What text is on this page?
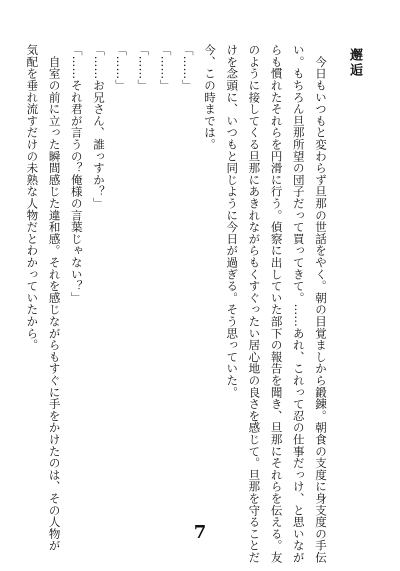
邂逅

　今日もいつもと変わらず旦那の世話をやく。朝の目覚ましから鍛錬。朝食の支度に身支度の手伝

い。もちろん旦那所望の団子だって買ってきて。……あれ、これって忍の仕事だっけ、と思いなが

らも慣れたそれらを円滑に行う。偵察に出していた部下の報告を聞き、旦那にそれらを伝える。友

のように接してくる旦那にあきれながらもくすぐったい居心地の良さを感じて。旦那を守ることだ

けを念頭に、いつもと同じように今日が過ぎる。そう思っていた。

今、この時までは。

「……」

「……」

「……」

「……」

「……お兄さん、誰っすか？」

「……それ君が言うの？俺様の言葉じゃない？」

　自室の前に立った瞬間感じた違和感。それを感じながらもすぐに手をかけたのは、その人物が

気配を垂れ流すだけの未熟な人物だとわかっていたから。

7
